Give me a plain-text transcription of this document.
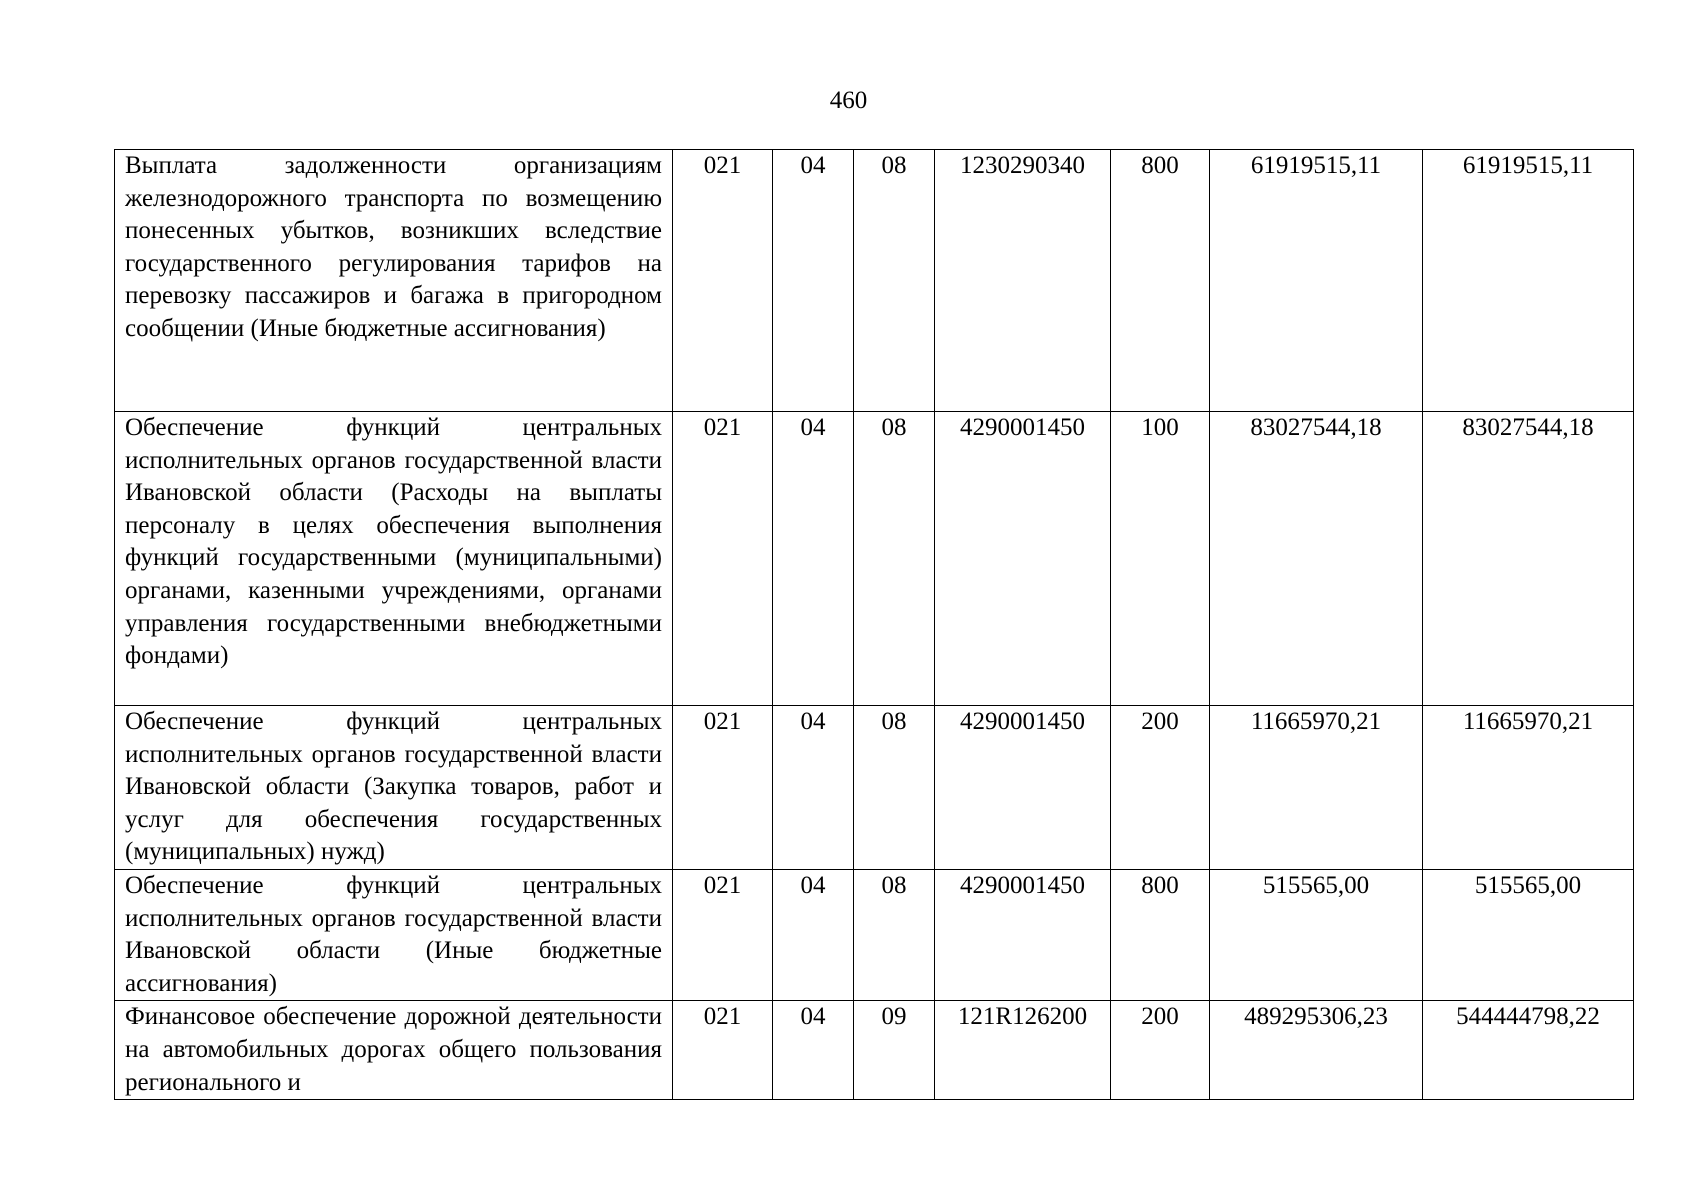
460
Выплата задолженности организациям железнодорожного транспорта по возмещению понесенных убытков, возникших вследствие государственного регулирования тарифов на перевозку пассажиров и багажа в пригородном сообщении (Иные бюджетные ассигнования)	021	04	08	1230290340	800	61919515,11	61919515,11
Обеспечение функций центральных исполнительных органов государственной власти Ивановской области (Расходы на выплаты персоналу в целях обеспечения выполнения функций государственными (муниципальными) органами, казенными учреждениями, органами управления государственными внебюджетными фондами)	021	04	08	4290001450	100	83027544,18	83027544,18
Обеспечение функций центральных исполнительных органов государственной власти Ивановской области (Закупка товаров, работ и услуг для обеспечения государственных (муниципальных) нужд)	021	04	08	4290001450	200	11665970,21	11665970,21
Обеспечение функций центральных исполнительных органов государственной власти Ивановской области (Иные бюджетные ассигнования)	021	04	08	4290001450	800	515565,00	515565,00
Финансовое обеспечение дорожной деятельности на автомобильных дорогах общего пользования регионального и	021	04	09	121R126200	200	489295306,23	544444798,22
